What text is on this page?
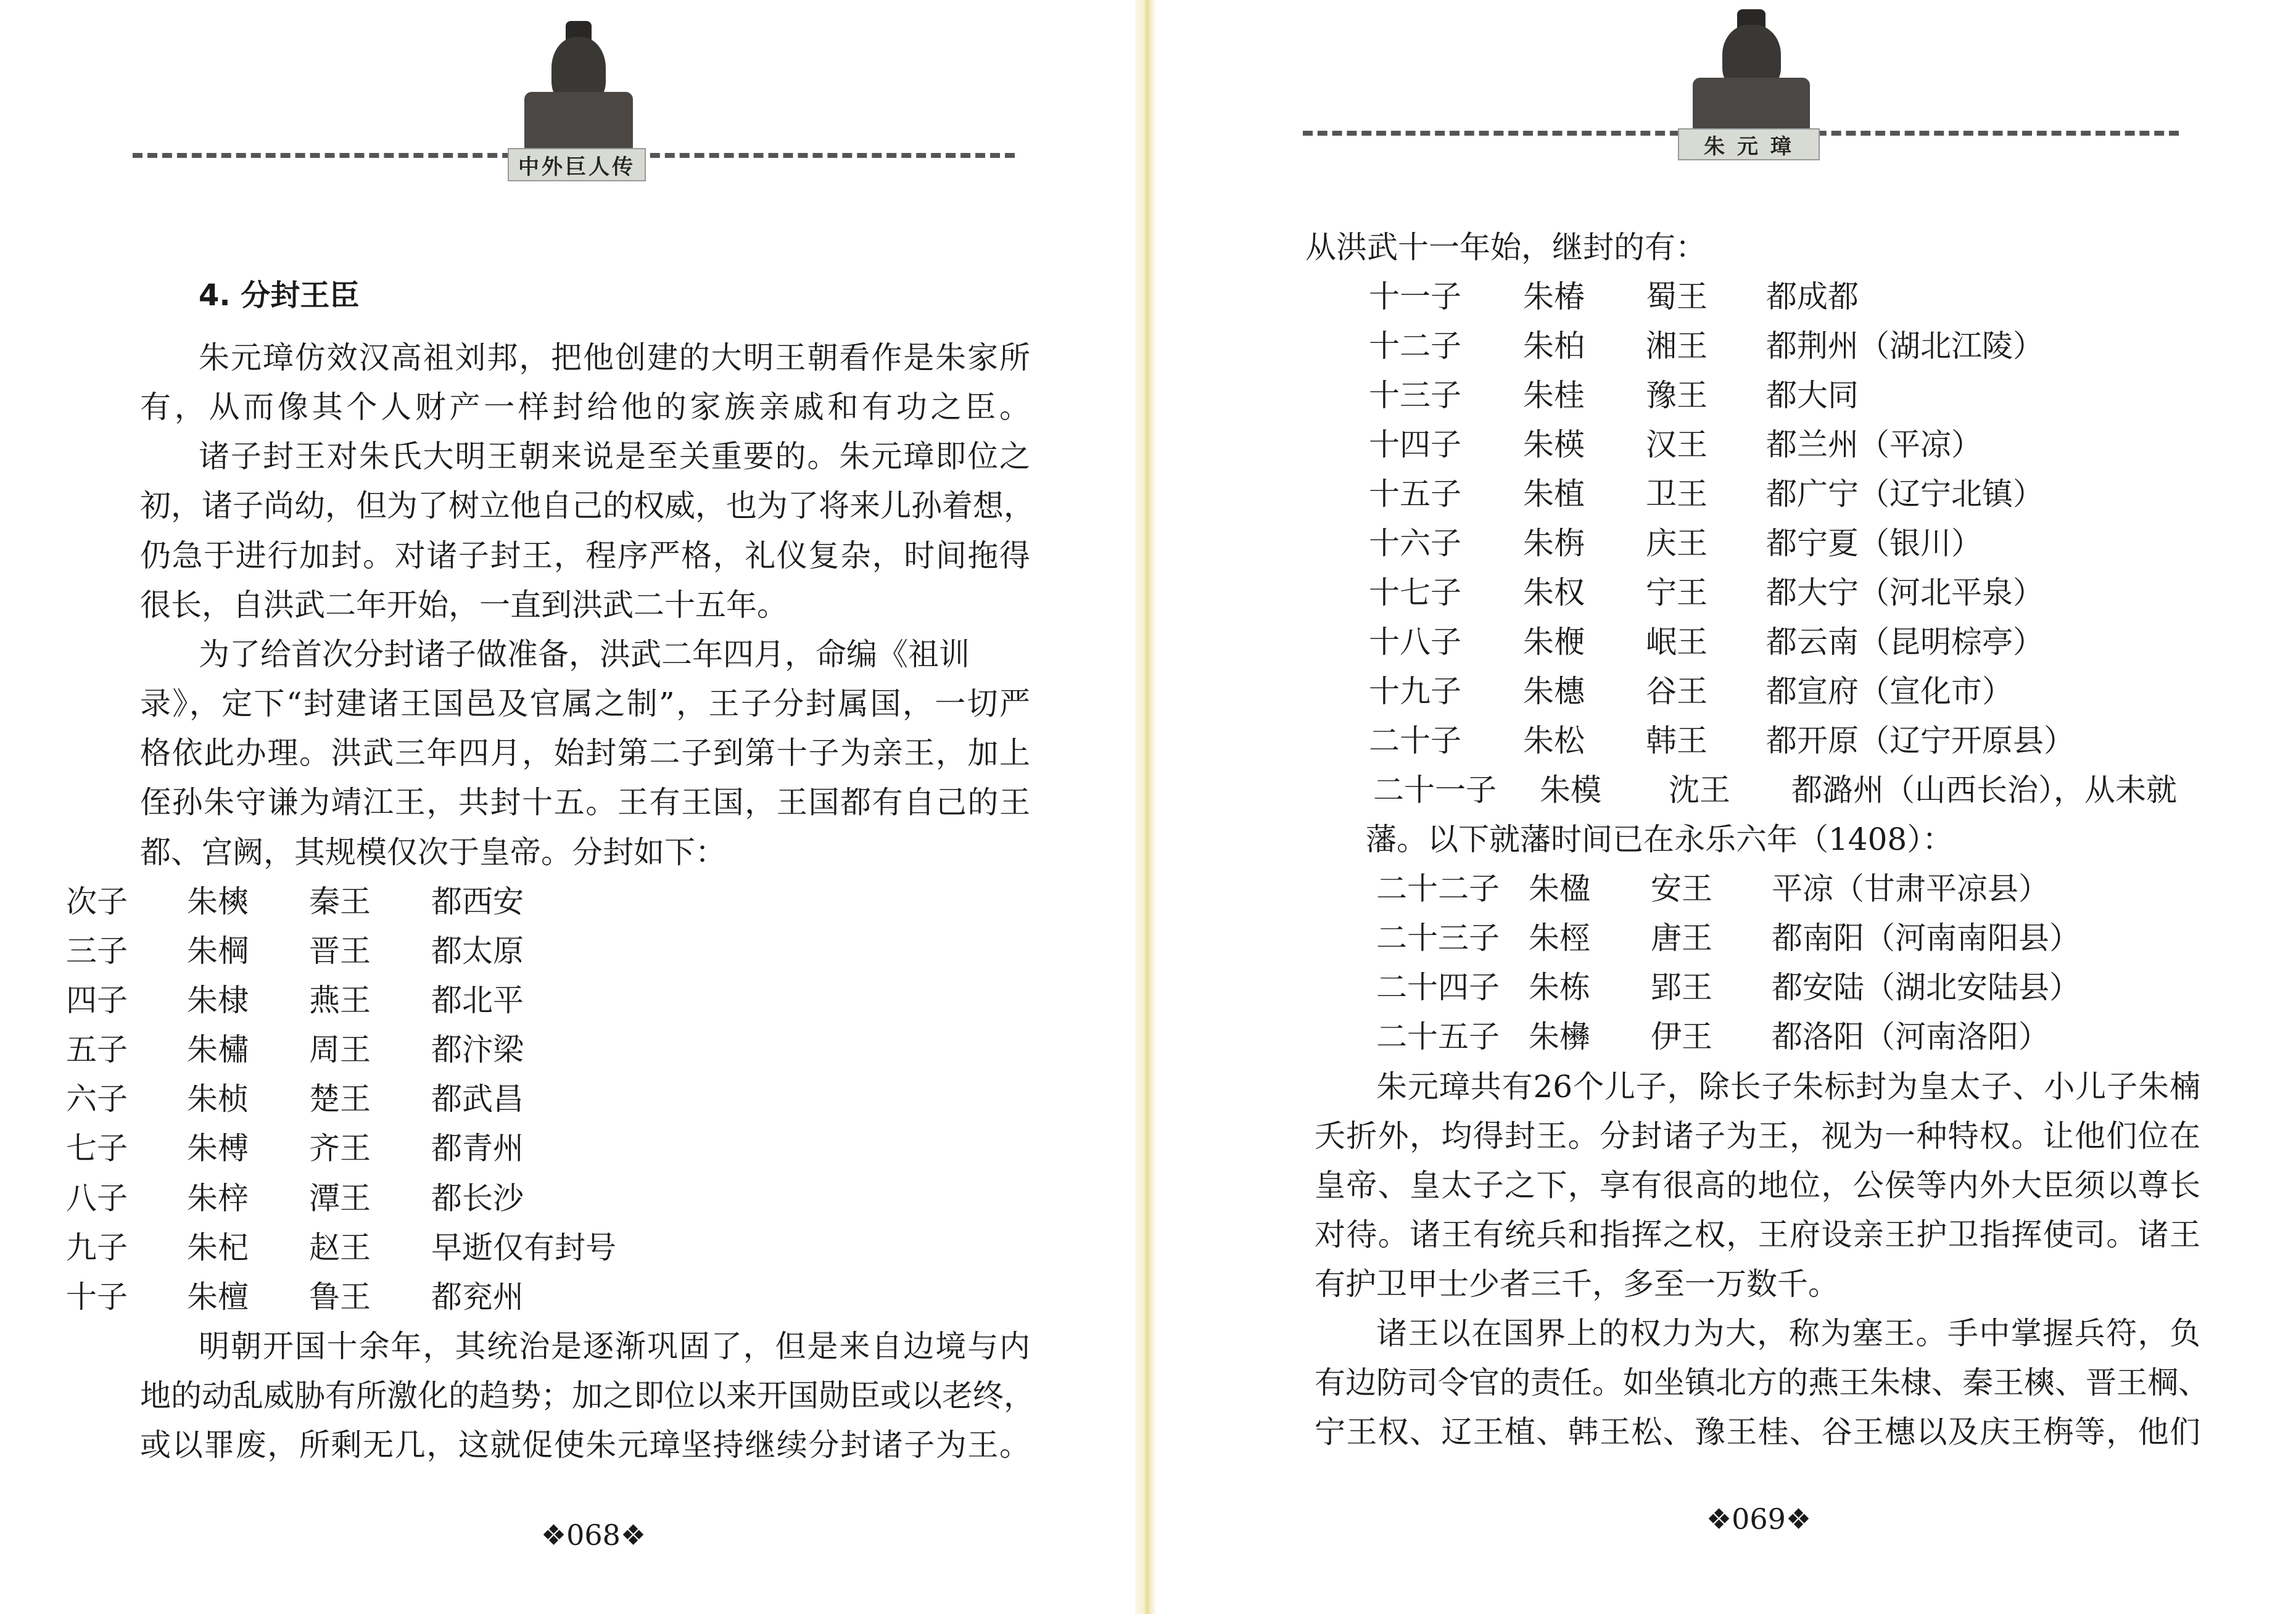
中外巨人传
4. 分封王臣
朱元璋仿效汉高祖刘邦，把他创建的大明王朝看作是朱家所
有，从而像其个人财产一样封给他的家族亲戚和有功之臣。
诸子封王对朱氏大明王朝来说是至关重要的。朱元璋即位之
初，诸子尚幼，但为了树立他自己的权威，也为了将来儿孙着想，
仍急于进行加封。对诸子封王，程序严格，礼仪复杂，时间拖得
很长，自洪武二年开始，一直到洪武二十五年。
为了给首次分封诸子做准备，洪武二年四月，命编《祖训
录》，定下“封建诸王国邑及官属之制”，王子分封属国，一切严
格依此办理。洪武三年四月，始封第二子到第十子为亲王，加上
侄孙朱守谦为靖江王，共封十五。王有王国，王国都有自己的王
都、宫阙，其规模仅次于皇帝。分封如下：
次子 朱樉 秦王 都西安
三子 朱棡 晋王 都太原
四子 朱棣 燕王 都北平
五子 朱橚 周王 都汴梁
六子 朱桢 楚王 都武昌
七子 朱榑 齐王 都青州
八子 朱梓 潭王 都长沙
九子 朱杞 赵王 早逝仅有封号
十子 朱檀 鲁王 都兖州
明朝开国十余年，其统治是逐渐巩固了，但是来自边境与内
地的动乱威胁有所激化的趋势；加之即位以来开国勋臣或以老终，
或以罪废，所剩无几，这就促使朱元璋坚持继续分封诸子为王。
❖068❖
朱 元 璋
从洪武十一年始，继封的有：
十一子 朱椿 蜀王 都成都
十二子 朱柏 湘王 都荆州（湖北江陵）
十三子 朱桂 豫王 都大同
十四子 朱楧 汉王 都兰州（平凉）
十五子 朱植 卫王 都广宁（辽宁北镇）
十六子 朱栴 庆王 都宁夏（银川）
十七子 朱权 宁王 都大宁（河北平泉）
十八子 朱楩 岷王 都云南（昆明棕亭）
十九子 朱橞 谷王 都宣府（宣化市）
二十子 朱松 韩王 都开原（辽宁开原县）
二十一子 朱模 沈王 都潞州（山西长治），从未就
藩。以下就藩时间已在永乐六年（1408）：
二十二子 朱楹 安王 平凉（甘肃平凉县）
二十三子 朱桱 唐王 都南阳（河南南阳县）
二十四子 朱栋 郢王 都安陆（湖北安陆县）
二十五子 朱㰘 伊王 都洛阳（河南洛阳）
朱元璋共有26个儿子，除长子朱标封为皇太子、小儿子朱楠
夭折外，均得封王。分封诸子为王，视为一种特权。让他们位在
皇帝、皇太子之下，享有很高的地位，公侯等内外大臣须以尊长
对待。诸王有统兵和指挥之权，王府设亲王护卫指挥使司。诸王
有护卫甲士少者三千，多至一万数千。
诸王以在国界上的权力为大，称为塞王。手中掌握兵符，负
有边防司令官的责任。如坐镇北方的燕王朱棣、秦王樉、晋王棡、
宁王权、辽王植、韩王松、豫王桂、谷王橞以及庆王栴等，他们
❖069❖
